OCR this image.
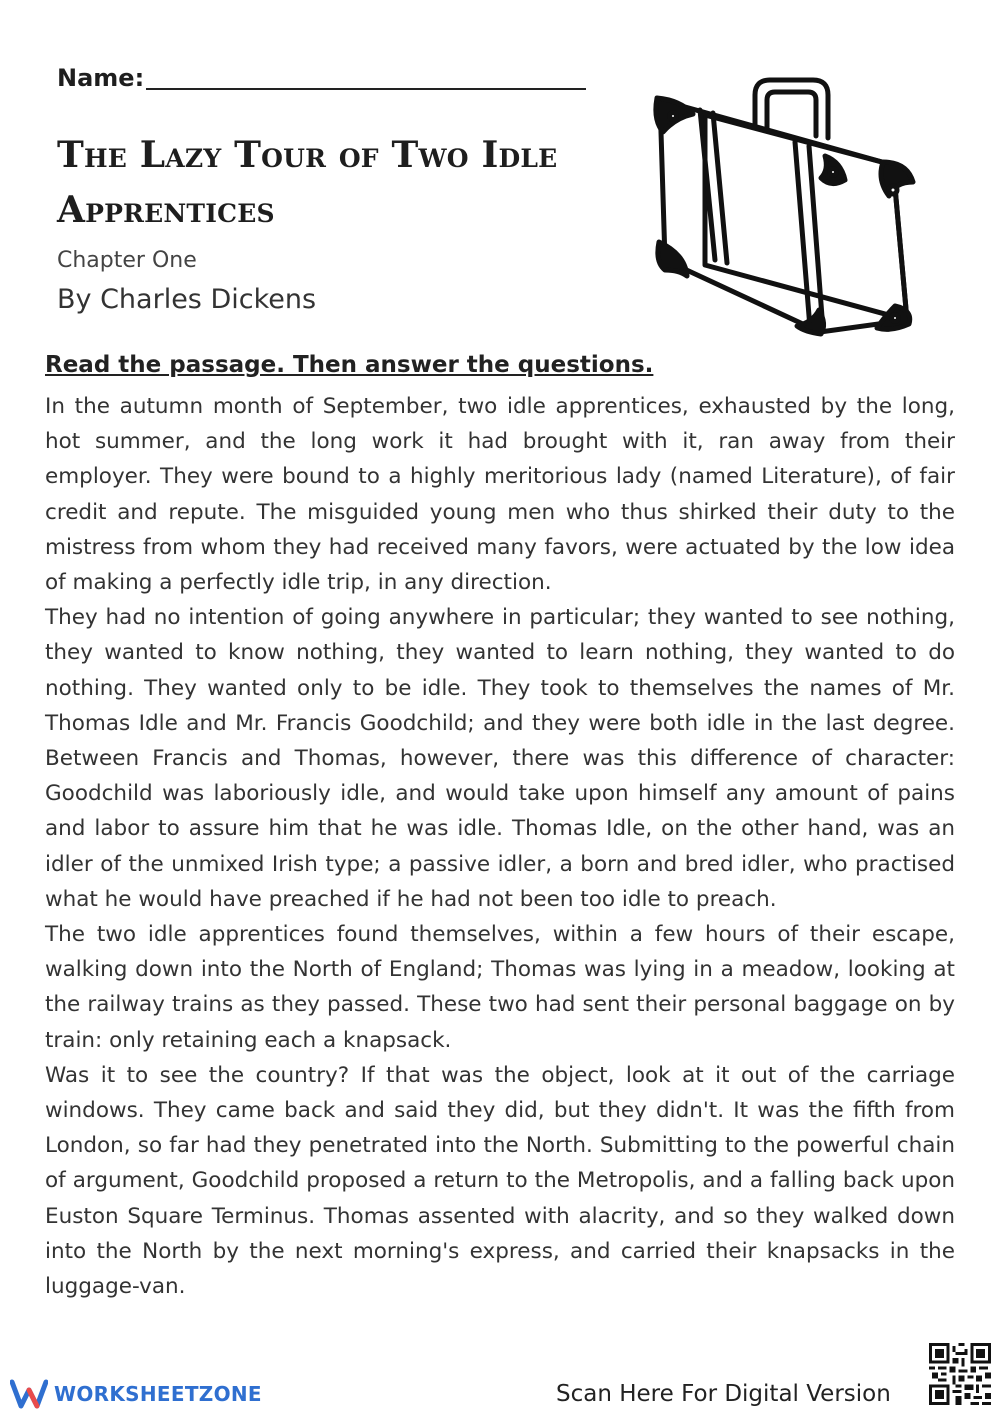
Name:
The Lazy Tour of Two Idle Apprentices
Chapter One
By Charles Dickens
Read the passage. Then answer the questions.

In the autumn month of September, two idle apprentices, exhausted by the long, hot summer, and the long work it had brought with it, ran away from their employer. They were bound to a highly meritorious lady (named Literature), of fair credit and repute. The misguided young men who thus shirked their duty to the mistress from whom they had received many favors, were actuated by the low idea of making a perfectly idle trip, in any direction.

They had no intention of going anywhere in particular; they wanted to see nothing, they wanted to know nothing, they wanted to learn nothing, they wanted to do nothing. They wanted only to be idle. They took to themselves the names of Mr. Thomas Idle and Mr. Francis Goodchild; and they were both idle in the last degree. Between Francis and Thomas, however, there was this difference of character: Goodchild was laboriously idle, and would take upon himself any amount of pains and labor to assure him that he was idle. Thomas Idle, on the other hand, was an idler of the unmixed Irish type; a passive idler, a born and bred idler, who practised what he would have preached if he had not been too idle to preach.

The two idle apprentices found themselves, within a few hours of their escape, walking down into the North of England; Thomas was lying in a meadow, looking at the railway trains as they passed. These two had sent their personal baggage on by train: only retaining each a knapsack.

Was it to see the country? If that was the object, look at it out of the carriage windows. They came back and said they did, but they didn't. It was the fifth from London, so far had they penetrated into the North. Submitting to the powerful chain of argument, Goodchild proposed a return to the Metropolis, and a falling back upon Euston Square Terminus. Thomas assented with alacrity, and so they walked down into the North by the next morning's express, and carried their knapsacks in the luggage-van.

WORKSHEETZONE	Scan Here For Digital Version
